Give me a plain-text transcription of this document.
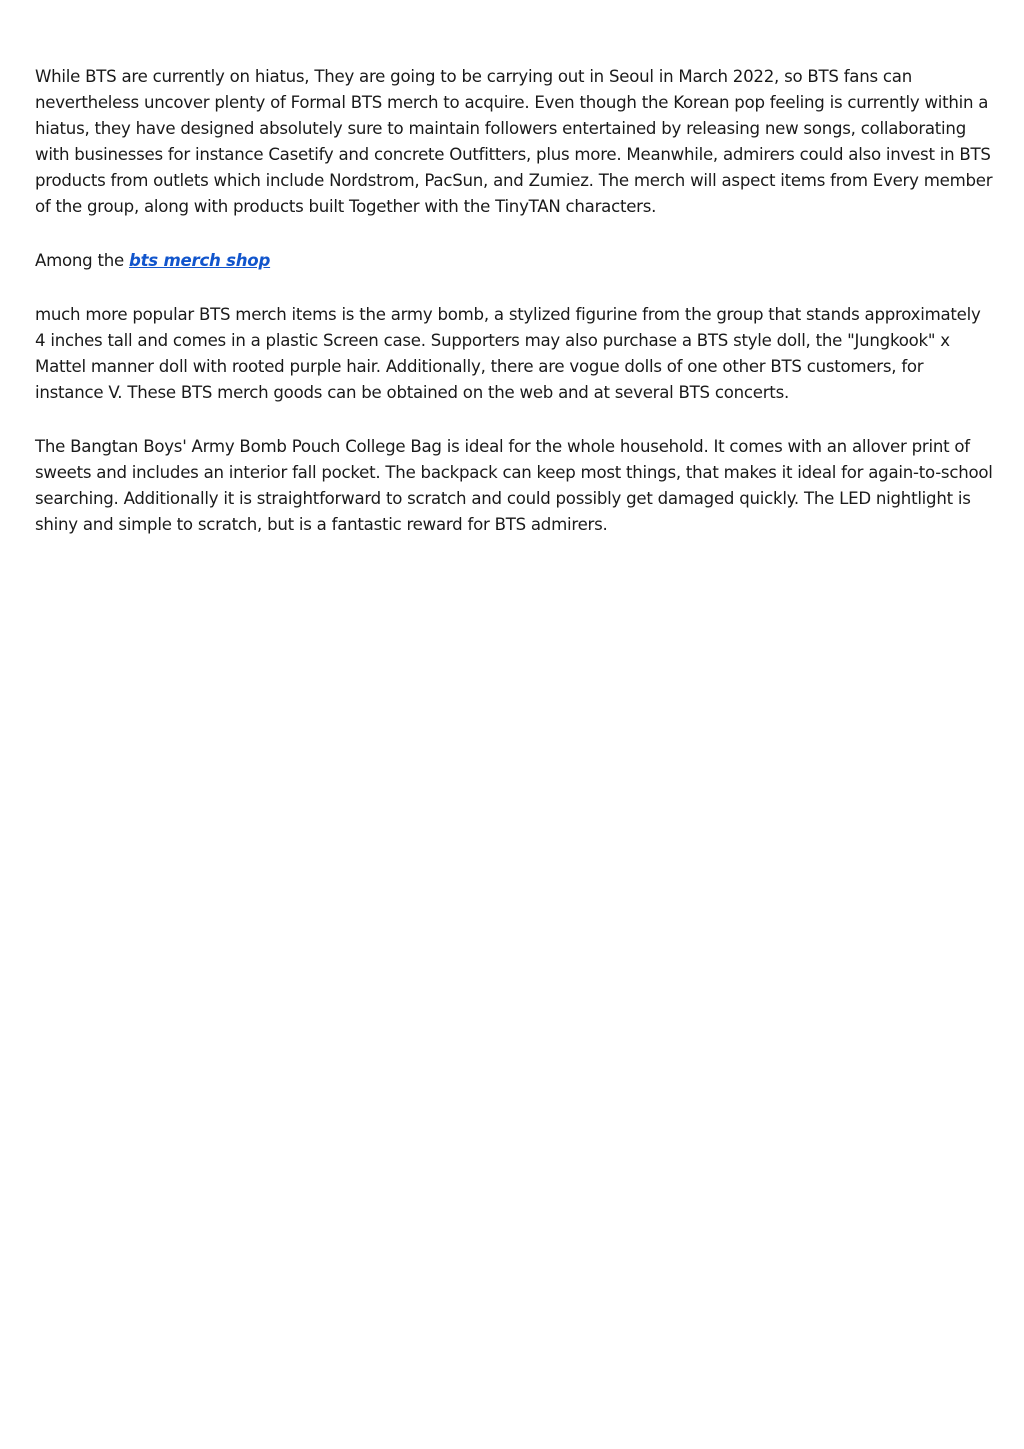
While BTS are currently on hiatus, They are going to be carrying out in Seoul in March 2022, so BTS fans can nevertheless uncover plenty of Formal BTS merch to acquire. Even though the Korean pop feeling is currently within a hiatus, they have designed absolutely sure to maintain followers entertained by releasing new songs, collaborating with businesses for instance Casetify and concrete Outfitters, plus more. Meanwhile, admirers could also invest in BTS products from outlets which include Nordstrom, PacSun, and Zumiez. The merch will aspect items from Every member of the group, along with products built Together with the TinyTAN characters.

Among the bts merch shop

much more popular BTS merch items is the army bomb, a stylized figurine from the group that stands approximately 4 inches tall and comes in a plastic Screen case. Supporters may also purchase a BTS style doll, the "Jungkook" x Mattel manner doll with rooted purple hair. Additionally, there are vogue dolls of one other BTS customers, for instance V. These BTS merch goods can be obtained on the web and at several BTS concerts.

The Bangtan Boys' Army Bomb Pouch College Bag is ideal for the whole household. It comes with an allover print of sweets and includes an interior fall pocket. The backpack can keep most things, that makes it ideal for again-to-school searching. Additionally it is straightforward to scratch and could possibly get damaged quickly. The LED nightlight is shiny and simple to scratch, but is a fantastic reward for BTS admirers.
